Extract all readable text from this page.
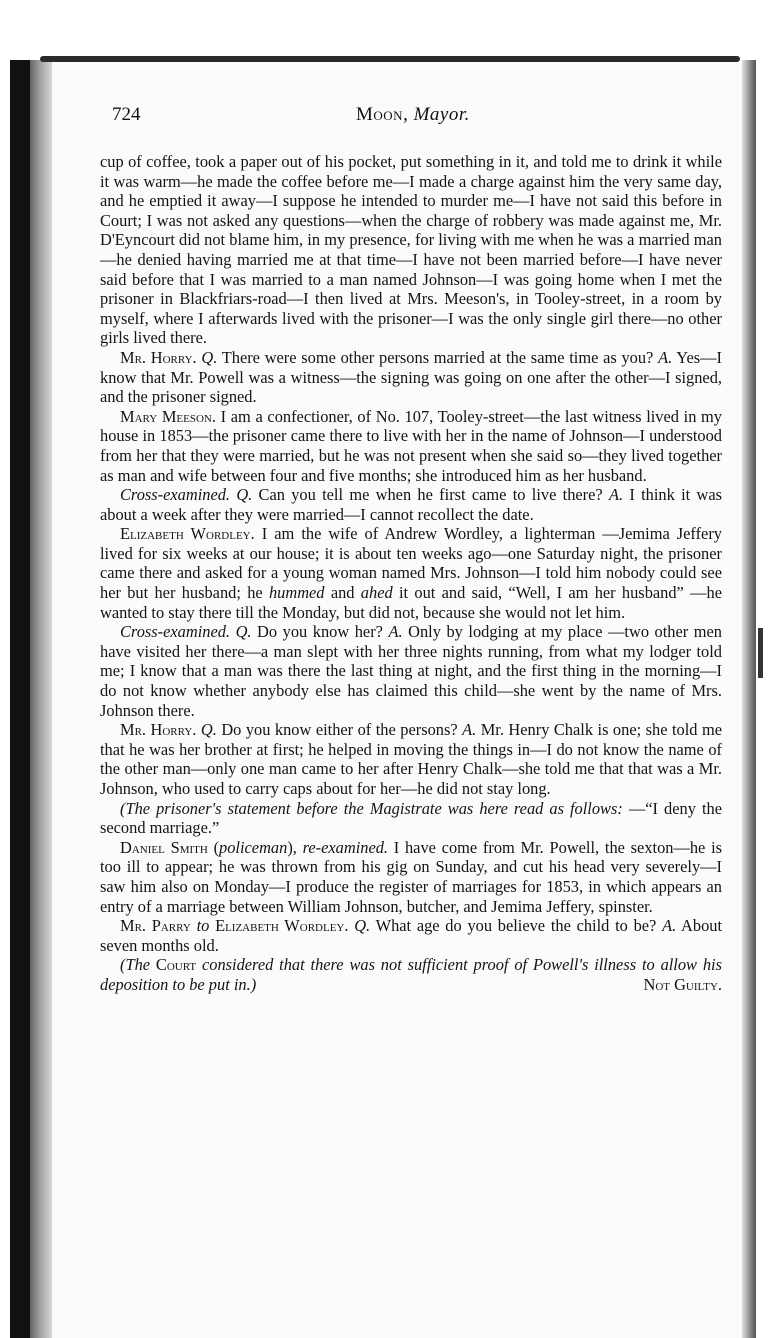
724	Moon, Mayor.

cup of coffee, took a paper out of his pocket, put something in it, and told me to drink it while it was warm—he made the coffee before me—I made a charge against him the very same day, and he emptied it away—I suppose he intended to murder me—I have not said this before in Court; I was not asked any questions—when the charge of robbery was made against me, Mr. D'Eyncourt did not blame him, in my presence, for living with me when he was a married man—he denied having married me at that time—I have not been married before—I have never said before that I was married to a man named Johnson—I was going home when I met the prisoner in Blackfriars-road—I then lived at Mrs. Meeson's, in Tooley-street, in a room by myself, where I afterwards lived with the prisoner—I was the only single girl there—no other girls lived there.

Mr. Horry. Q. There were some other persons married at the same time as you? A. Yes—I know that Mr. Powell was a witness—the signing was going on one after the other—I signed, and the prisoner signed.

Mary Meeson. I am a confectioner, of No. 107, Tooley-street—the last witness lived in my house in 1853—the prisoner came there to live with her in the name of Johnson—I understood from her that they were married, but he was not present when she said so—they lived together as man and wife between four and five months; she introduced him as her husband.

Cross-examined. Q. Can you tell me when he first came to live there? A. I think it was about a week after they were married—I cannot recollect the date.

Elizabeth Wordley. I am the wife of Andrew Wordley, a lighterman —Jemima Jeffery lived for six weeks at our house; it is about ten weeks ago—one Saturday night, the prisoner came there and asked for a young woman named Mrs. Johnson—I told him nobody could see her but her husband; he hummed and ahed it out and said, “Well, I am her husband” —he wanted to stay there till the Monday, but did not, because she would not let him.

Cross-examined. Q. Do you know her? A. Only by lodging at my place —two other men have visited her there—a man slept with her three nights running, from what my lodger told me; I know that a man was there the last thing at night, and the first thing in the morning—I do not know whether anybody else has claimed this child—she went by the name of Mrs. Johnson there.

Mr. Horry. Q. Do you know either of the persons? A. Mr. Henry Chalk is one; she told me that he was her brother at first; he helped in moving the things in—I do not know the name of the other man—only one man came to her after Henry Chalk—she told me that that was a Mr. Johnson, who used to carry caps about for her—he did not stay long.

(The prisoner's statement before the Magistrate was here read as follows: —“I deny the second marriage.”

Daniel Smith (policeman), re-examined. I have come from Mr. Powell, the sexton—he is too ill to appear; he was thrown from his gig on Sunday, and cut his head very severely—I saw him also on Monday—I produce the register of marriages for 1853, in which appears an entry of a marriage between William Johnson, butcher, and Jemima Jeffery, spinster.

Mr. Parry to Elizabeth Wordley. Q. What age do you believe the child to be? A. About seven months old.

(The Court considered that there was not sufficient proof of Powell's illness to allow his deposition to be put in.)	Not Guilty.
